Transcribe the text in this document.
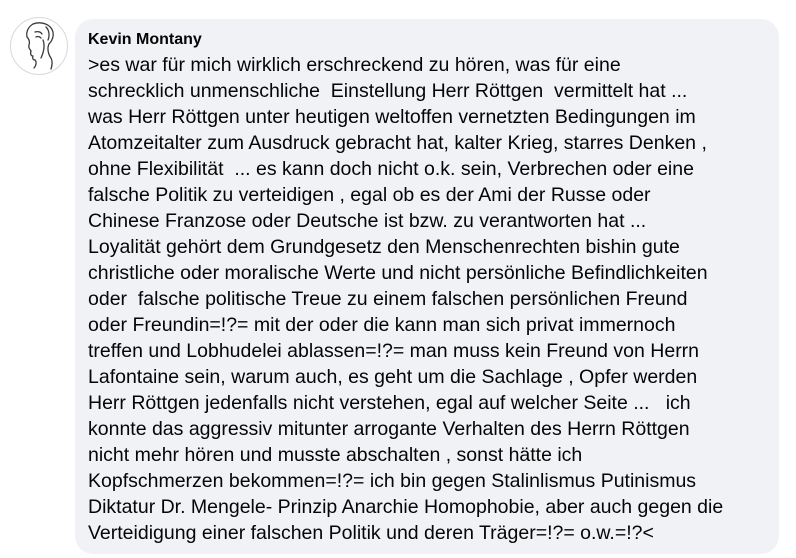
Kevin Montany

>es war für mich wirklich erschreckend zu hören, was für eine
schrecklich unmenschliche  Einstellung Herr Röttgen  vermittelt hat ...
was Herr Röttgen unter heutigen weltoffen vernetzten Bedingungen im
Atomzeitalter zum Ausdruck gebracht hat, kalter Krieg, starres Denken ,
ohne Flexibilität  ... es kann doch nicht o.k. sein, Verbrechen oder eine
falsche Politik zu verteidigen , egal ob es der Ami der Russe oder
Chinese Franzose oder Deutsche ist bzw. zu verantworten hat ...
Loyalität gehört dem Grundgesetz den Menschenrechten bishin gute
christliche oder moralische Werte und nicht persönliche Befindlichkeiten
oder  falsche politische Treue zu einem falschen persönlichen Freund
oder Freundin=!?= mit der oder die kann man sich privat immernoch
treffen und Lobhudelei ablassen=!?= man muss kein Freund von Herrn
Lafontaine sein, warum auch, es geht um die Sachlage , Opfer werden
Herr Röttgen jedenfalls nicht verstehen, egal auf welcher Seite ...   ich
konnte das aggressiv mitunter arrogante Verhalten des Herrn Röttgen
nicht mehr hören und musste abschalten , sonst hätte ich
Kopfschmerzen bekommen=!?= ich bin gegen Stalinlismus Putinismus
Diktatur Dr. Mengele- Prinzip Anarchie Homophobie, aber auch gegen die
Verteidigung einer falschen Politik und deren Träger=!?= o.w.=!?<
